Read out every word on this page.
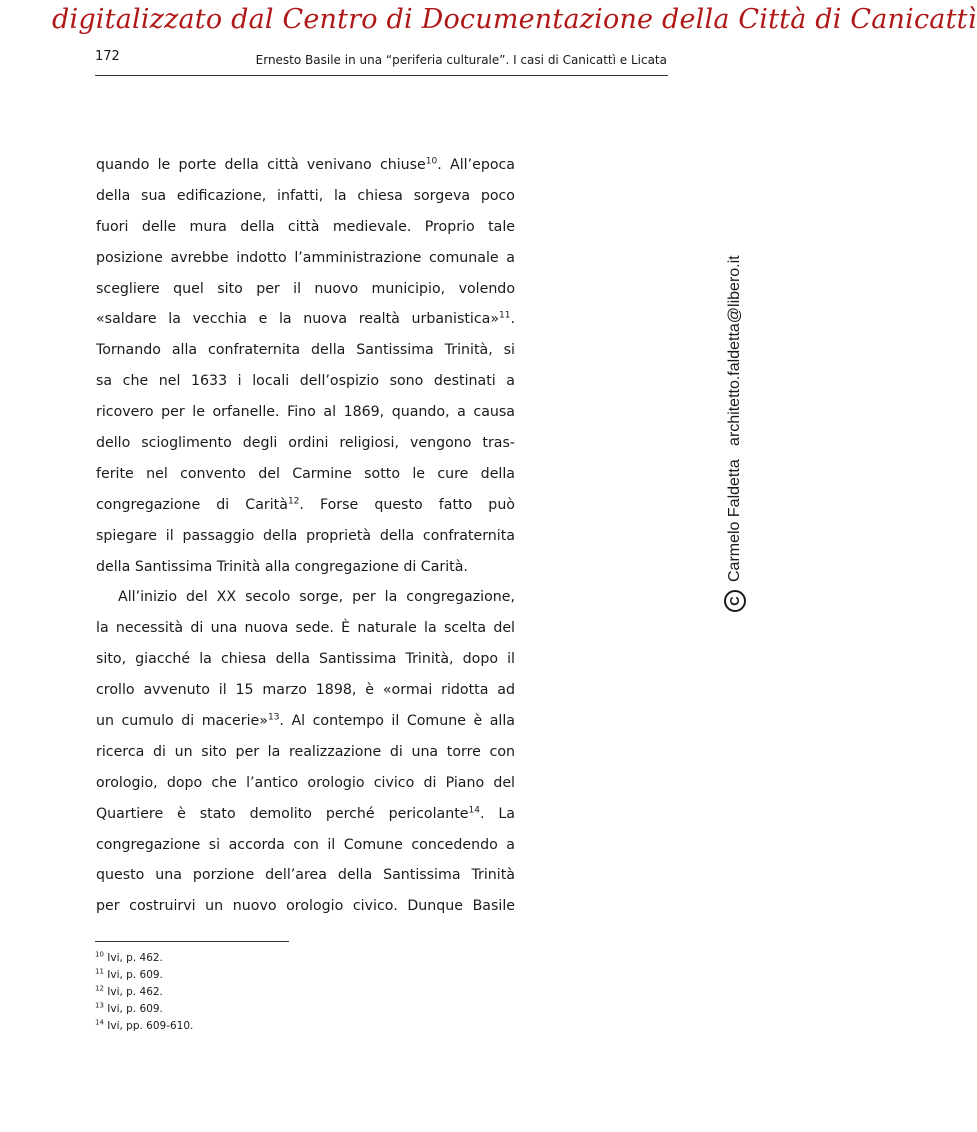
digitalizzato dal Centro di Documentazione della Città di Canicattì
172	Ernesto Basile in una “periferia culturale”. I casi di Canicattì e Licata
quando le porte della città venivano chiuse$^{10}$. All’epoca
della sua edificazione, infatti, la chiesa sorgeva poco
fuori delle mura della città medievale. Proprio tale
posizione avrebbe indotto l’amministrazione comunale a
scegliere quel sito per il nuovo municipio, volendo
«saldare la vecchia e la nuova realtà urbanistica»$^{11}$.
Tornando alla confraternita della Santissima Trinità, si
sa che nel 1633 i locali dell’ospizio sono destinati a
ricovero per le orfanelle. Fino al 1869, quando, a causa
dello scioglimento degli ordini religiosi, vengono tras-
ferite nel convento del Carmine sotto le cure della
congregazione di Carità$^{12}$. Forse questo fatto può
spiegare il passaggio della proprietà della confraternita
della Santissima Trinità alla congregazione di Carità.
All’inizio del XX secolo sorge, per la congregazione,
la necessità di una nuova sede. È naturale la scelta del
sito, giacché la chiesa della Santissima Trinità, dopo il
crollo avvenuto il 15 marzo 1898, è «ormai ridotta ad
un cumulo di macerie»$^{13}$. Al contempo il Comune è alla
ricerca di un sito per la realizzazione di una torre con
orologio, dopo che l’antico orologio civico di Piano del
Quartiere è stato demolito perché pericolante$^{14}$. La
congregazione si accorda con il Comune concedendo a
questo una porzione dell’area della Santissima Trinità
per costruirvi un nuovo orologio civico. Dunque Basile
$^{10}$ Ivi, p. 462.
$^{11}$ Ivi, p. 609.
$^{12}$ Ivi, p. 462.
$^{13}$ Ivi, p. 609.
$^{14}$ Ivi, pp. 609-610.
CCarmelo Faldetta   architetto.faldetta@libero.it
